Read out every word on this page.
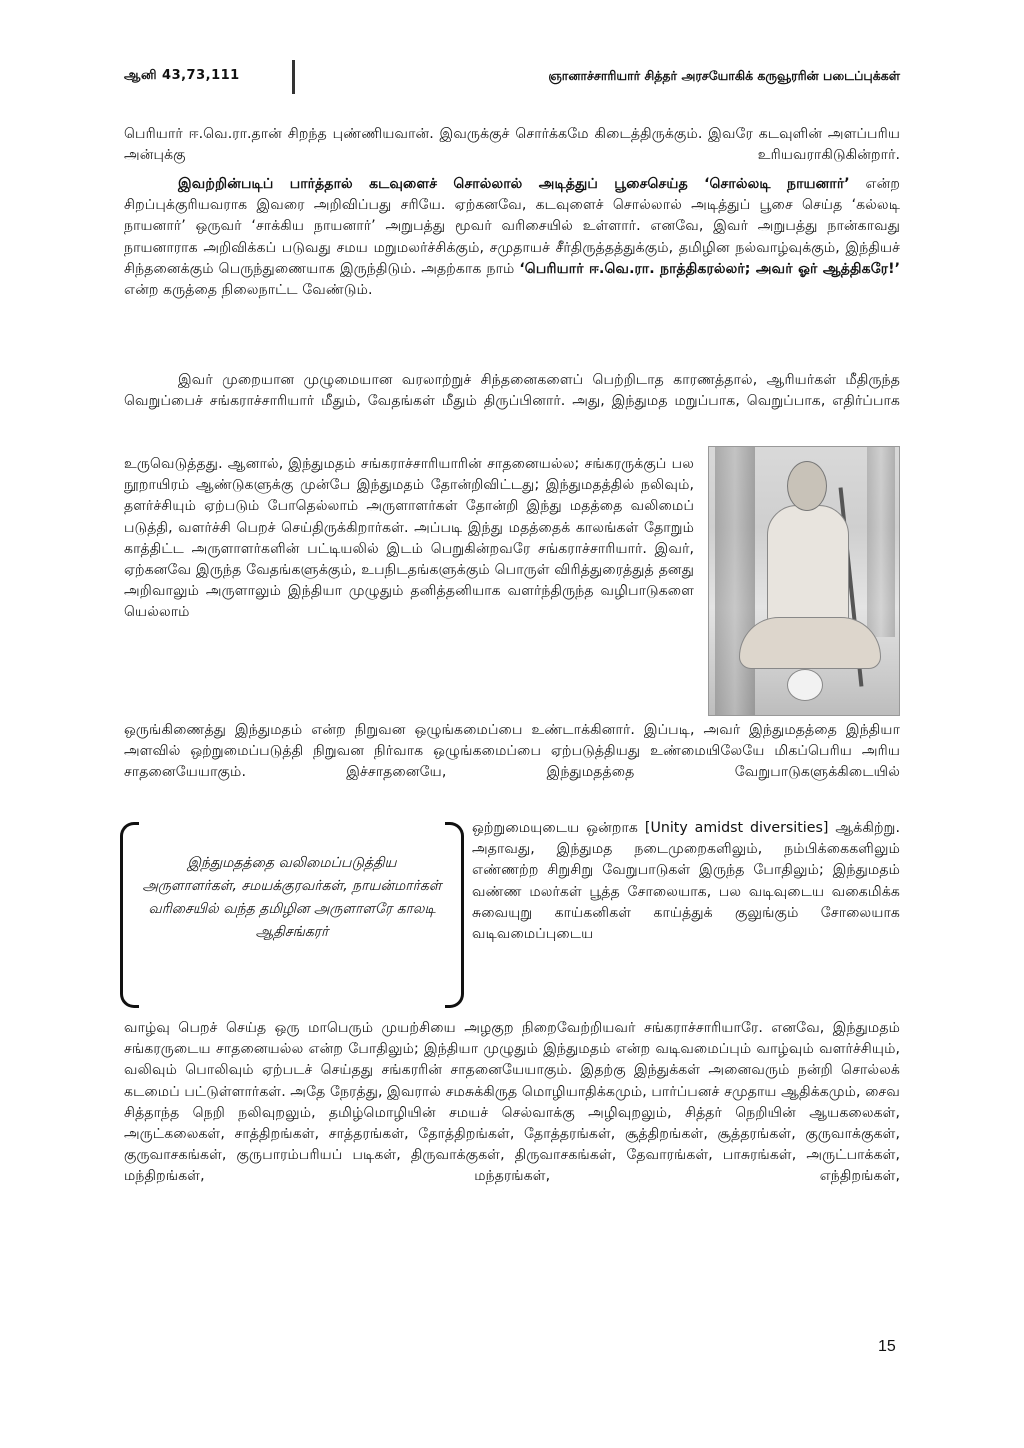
ஆனி 43,73,111	ஞானாச்சாரியார் சித்தர் அரசயோகிக் கருவூரரின் படைப்புக்கள்
பெரியார் ஈ.வெ.ரா.தான் சிறந்த புண்ணியவான். இவருக்குச் சொர்க்கமே கிடைத்திருக்கும். இவரே கடவுளின் அளப்பரிய அன்புக்கு உரியவராகிடுகின்றார்.
இவற்றின்படிப் பார்த்தால் கடவுளைச் சொல்லால் அடித்துப் பூசைசெய்த ‘சொல்லடி நாயனார்’ என்ற சிறப்புக்குரியவராக இவரை அறிவிப்பது சரியே. ஏற்கனவே, கடவுளைச் சொல்லால் அடித்துப் பூசை செய்த ‘கல்லடி நாயனார்’ ஒருவர் ‘சாக்கிய நாயனார்’ அறுபத்து மூவர் வரிசையில் உள்ளார். எனவே, இவர் அறுபத்து நான்காவது நாயனாராக அறிவிக்கப் படுவது சமய மறுமலர்ச்சிக்கும், சமுதாயச் சீர்திருத்தத்துக்கும், தமிழின நல்வாழ்வுக்கும், இந்தியச் சிந்தனைக்கும் பெருந்துணையாக இருந்திடும். அதற்காக நாம் ‘பெரியார் ஈ.வெ.ரா. நாத்திகரல்லர்; அவர் ஓர் ஆத்திகரே!’ என்ற கருத்தை நிலைநாட்ட வேண்டும்.
இவர் முறையான முழுமையான வரலாற்றுச் சிந்தனைகளைப் பெற்றிடாத காரணத்தால், ஆரியர்கள் மீதிருந்த வெறுப்பைச் சங்கராச்சாரியார் மீதும், வேதங்கள் மீதும் திருப்பினார். அது, இந்துமத மறுப்பாக, வெறுப்பாக, எதிர்ப்பாக
உருவெடுத்தது. ஆனால், இந்துமதம் சங்கராச்சாரியாரின் சாதனையல்ல; சங்கரருக்குப் பல நூறாயிரம் ஆண்டுகளுக்கு முன்பே இந்துமதம் தோன்றிவிட்டது; இந்துமதத்தில் நலிவும், தளர்ச்சியும் ஏற்படும் போதெல்லாம் அருளாளர்கள் தோன்றி இந்து மதத்தை வலிமைப் படுத்தி, வளர்ச்சி பெறச் செய்திருக்கிறார்கள். அப்படி இந்து மதத்தைக் காலங்கள் தோறும் காத்திட்ட அருளாளர்களின் பட்டியலில் இடம் பெறுகின்றவரே சங்கராச்சாரியார். இவர், ஏற்கனவே இருந்த வேதங்களுக்கும், உபநிடதங்களுக்கும் பொருள் விரித்துரைத்துத் தனது அறிவாலும் அருளாலும் இந்தியா முழுதும் தனித்தனியாக வளர்ந்திருந்த வழிபாடுகளை யெல்லாம்
ஒருங்கிணைத்து இந்துமதம் என்ற நிறுவன ஒழுங்கமைப்பை உண்டாக்கினார். இப்படி, அவர் இந்துமதத்தை இந்தியா அளவில் ஒற்றுமைப்படுத்தி நிறுவன நிர்வாக ஒழுங்கமைப்பை ஏற்படுத்தியது உண்மையிலேயே மிகப்பெரிய அரிய சாதனையேயாகும். இச்சாதனையே, இந்துமதத்தை வேறுபாடுகளுக்கிடையில்
இந்துமதத்தை வலிமைப்படுத்திய அருளாளர்கள், சமயக்குரவர்கள், நாயன்மார்கள் வரிசையில் வந்த தமிழின அருளாளரே காலடி ஆதிசங்கரர்
ஒற்றுமையுடைய ஒன்றாக [Unity amidst diversities] ஆக்கிற்று. அதாவது, இந்துமத நடைமுறைகளிலும், நம்பிக்கைகளிலும் எண்ணற்ற சிறுசிறு வேறுபாடுகள் இருந்த போதிலும்; இந்துமதம் வண்ண மலர்கள் பூத்த சோலையாக, பல வடிவுடைய வகைமிக்க சுவையுறு காய்கனிகள் காய்த்துக் குலுங்கும் சோலையாக வடிவமைப்புடைய
வாழ்வு பெறச் செய்த ஒரு மாபெரும் முயற்சியை அழகுற நிறைவேற்றியவர் சங்கராச்சாரியாரே. எனவே, இந்துமதம் சங்கரருடைய சாதனையல்ல என்ற போதிலும்; இந்தியா முழுதும் இந்துமதம் என்ற வடிவமைப்பும் வாழ்வும் வளர்ச்சியும், வலிவும் பொலிவும் ஏற்படச் செய்தது சங்கரரின் சாதனையேயாகும். இதற்கு இந்துக்கள் அனைவரும் நன்றி சொல்லக் கடமைப் பட்டுள்ளார்கள். அதே நேரத்து, இவரால் சமசுக்கிருத மொழியாதிக்கமும், பார்ப்பனச் சமுதாய ஆதிக்கமும், சைவ சித்தாந்த நெறி நலிவுறலும், தமிழ்மொழியின் சமயச் செல்வாக்கு அழிவுறலும், சித்தர் நெறியின் ஆயகலைகள், அருட்கலைகள், சாத்திறங்கள், சாத்தரங்கள், தோத்திறங்கள், தோத்தரங்கள், சூத்திறங்கள், சூத்தரங்கள், குருவாக்குகள், குருவாசகங்கள், குருபாரம்பரியப் படிகள், திருவாக்குகள், திருவாசகங்கள், தேவாரங்கள், பாசுரங்கள், அருட்பாக்கள், மந்திறங்கள், மந்தரங்கள், எந்திறங்கள்,
15
